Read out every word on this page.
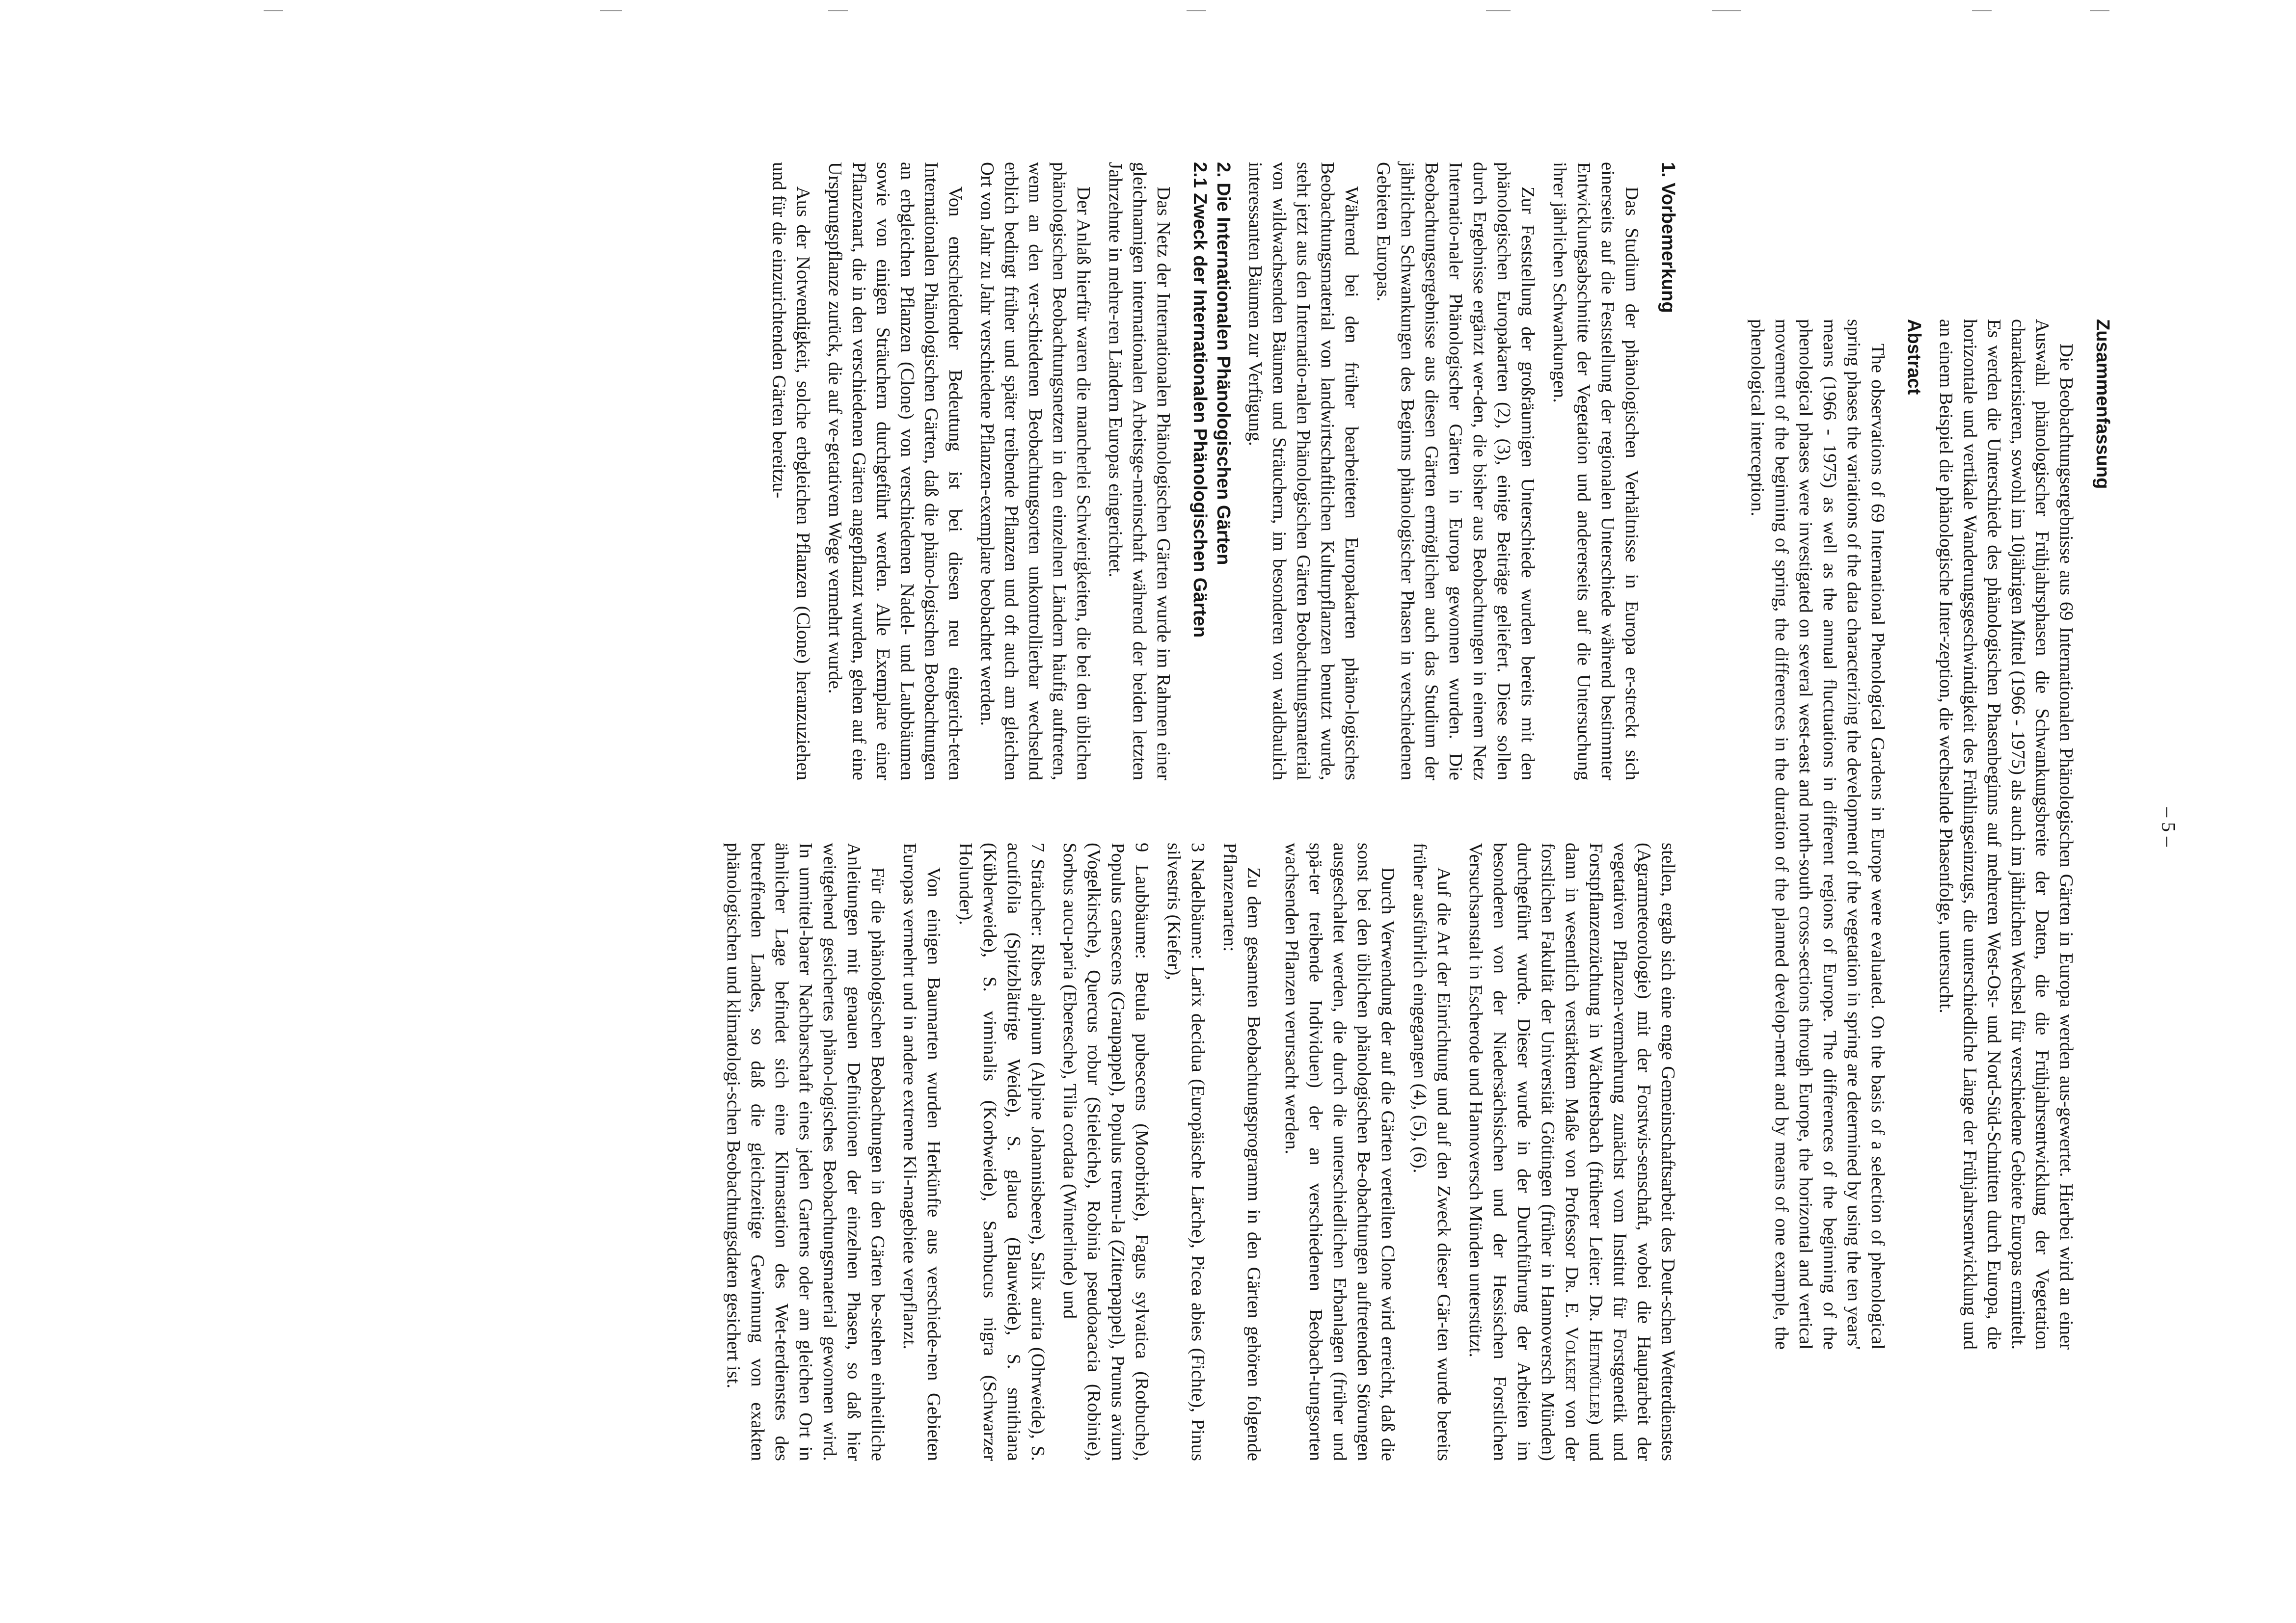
– 5 –
Zusammenfassung

Die Beobachtungsergebnisse aus 69 Internationalen Phänologischen Gärten in Europa werden aus-gewertet. Hierbei wird an einer Auswahl phänologischer Frühjahrsphasen die Schwankungsbreite der Daten, die die Frühjahrsentwicklung der Vegetation charakterisieren, sowohl im 10jährigen Mittel (1966 - 1975) als auch im jährlichen Wechsel für verschiedene Gebiete Europas ermittelt. Es werden die Unterschiede des phänologischen Phasenbeginns auf mehreren West-Ost- und Nord-Süd-Schnitten durch Europa, die horizontale und vertikale Wanderungsgeschwindigkeit des Frühlingseinzugs, die unterschiedliche Länge der Frühjahrsentwicklung und an einem Beispiel die phänologische Inter-zeption, die wechselnde Phasenfolge, untersucht.

Abstract

The observations of 69 International Phenological Gardens in Europe were evaluated. On the basis of a selection of phenological spring phases the variations of the data characterizing the development of the vegetation in spring are determined by using the ten years' means (1966 - 1975) as well as the annual fluctuations in different regions of Europe. The differences of the beginning of the phenological phases were investigated on several west-east and north-south cross-sections through Europe, the horizontal and vertical movement of the beginning of spring, the differences in the duration of the planned develop-ment and by means of one example, the phenological interception.

1. Vorbemerkung

Das Studium der phänologischen Verhältnisse in Europa er-streckt sich einerseits auf die Feststellung der regionalen Unterschiede während bestimmter Entwicklungsabschnitte der Vegetation und andererseits auf die Untersuchung ihrer jährlichen Schwankungen.

Zur Feststellung der großräumigen Unterschiede wurden bereits mit den phänologischen Europakarten (2), (3), einige Beiträge geliefert. Diese sollen durch Ergebnisse ergänzt wer-den, die bisher aus Beobachtungen in einem Netz Internatio-naler Phänologischer Gärten in Europa gewonnen wurden. Die Beobachtungsergebnisse aus diesen Gärten ermöglichen auch das Studium der jährlichen Schwankungen des Beginns phänologischer Phasen in verschiedenen Gebieten Europas.

Während bei den früher bearbeiteten Europakarten phäno-logisches Beobachtungsmaterial von landwirtschaftlichen Kulturpflanzen benutzt wurde, steht jetzt aus den Internatio-nalen Phänologischen Gärten Beobachtungsmaterial von wildwachsenden Bäumen und Sträuchern, im besonderen von waldbaulich interessanten Bäumen zur Verfügung.

2. Die Internationalen Phänologischen Gärten
2.1 Zweck der Internationalen Phänologischen Gärten

Das Netz der Internationalen Phänologischen Gärten wurde im Rahmen einer gleichnamigen internationalen Arbeitsge-meinschaft während der beiden letzten Jahrzehnte in mehre-ren Ländern Europas eingerichtet.

Der Anlaß hierfür waren die mancherlei Schwierigkeiten, die bei den üblichen phänologischen Beobachtungsnetzen in den einzelnen Ländern häufig auftreten, wenn an den ver-schiedenen Beobachtungsorten unkontrollierbar wechselnd erblich bedingt früher und später treibende Pflanzen und oft auch am gleichen Ort von Jahr zu Jahr verschiedene Pflanzen-exemplare beobachtet werden.

Von entscheidender Bedeutung ist bei diesen neu eingerich-teten Internationalen Phänologischen Gärten, daß die phäno-logischen Beobachtungen an erbgleichen Pflanzen (Clone) von verschiedenen Nadel- und Laubbäumen sowie von einigen Sträuchern durchgeführt werden. Alle Exemplare einer Pflanzenart, die in den verschiedenen Gärten angepflanzt wurden, gehen auf eine Ursprungspflanze zurück, die auf ve-getativem Wege vermehrt wurde.

Aus der Notwendigkeit, solche erbgleichen Pflanzen (Clone) heranzuziehen und für die einzurichtenden Gärten bereitzu-

stellen, ergab sich eine enge Gemeinschaftsarbeit des Deut-schen Wetterdienstes (Agrarmeteorologie) mit der Forstwis-senschaft, wobei die Hauptarbeit der vegetativen Pflanzen-vermehrung zunächst vom Institut für Forstgenetik und Forstpflanzenzüchtung in Wächtersbach (früherer Leiter: Dr. Heitmüller) und dann in wesentlich verstärktem Maße von Professor Dr. E. Volkert von der forstlichen Fakultät der Universität Göttingen (früher in Hannoversch Münden) durchgeführt wurde. Dieser wurde in der Durchführung der Arbeiten im besonderen von der Niedersächsischen und der Hessischen Forstlichen Versuchsanstalt in Escherode und Hannoversch Münden unterstützt.

Auf die Art der Einrichtung und auf den Zweck dieser Gär-ten wurde bereits früher ausführlich eingegangen (4), (5), (6).

Durch Verwendung der auf die Gärten verteilten Clone wird erreicht, daß die sonst bei den üblichen phänologischen Be-obachtungen auftretenden Störungen ausgeschaltet werden, die durch die unterschiedlichen Erbanlagen (früher und spä-ter treibende Individuen) der an verschiedenen Beobach-tungsorten wachsenden Pflanzen verursacht werden.

Zu dem gesamten Beobachtungsprogramm in den Gärten gehören folgende Pflanzenarten:

3 Nadelbäume: Larix decidua (Europäische Lärche), Picea abies (Fichte), Pinus silvestris (Kiefer),

9 Laubbäume: Betula pubescens (Moorbirke), Fagus sylvatica (Rotbuche), Populus canescens (Graupappel), Populus tremu-la (Zitterpappel), Prunus avium (Vogelkirsche), Quercus robur (Stieleiche), Robinia pseudoacacia (Robinie), Sorbus aucu-paria (Eberesche), Tilia cordata (Winterlinde) und

7 Sträucher: Ribes alpinum (Alpine Johannisbeere), Salix aurita (Ohrweide), S. acutifolia (Spitzblättrige Weide), S. glauca (Blauweide), S. smithiana (Küblerweide), S. viminalis (Korbweide), Sambucus nigra (Schwarzer Holunder).

Von einigen Baumarten wurden Herkünfte aus verschiede-nen Gebieten Europas vermehrt und in andere extreme Kli-magebiete verpflanzt.

Für die phänologischen Beobachtungen in den Gärten be-stehen einheitliche Anleitungen mit genauen Definitionen der einzelnen Phasen, so daß hier weitgehend gesichertes phäno-logisches Beobachtungsmaterial gewonnen wird. In unmittel-barer Nachbarschaft eines jeden Gartens oder am gleichen Ort in ähnlicher Lage befindet sich eine Klimastation des Wet-terdienstes des betreffenden Landes, so daß die gleichzeitige Gewinnung von exakten phänologischen und klimatologi-schen Beobachtungsdaten gesichert ist.
